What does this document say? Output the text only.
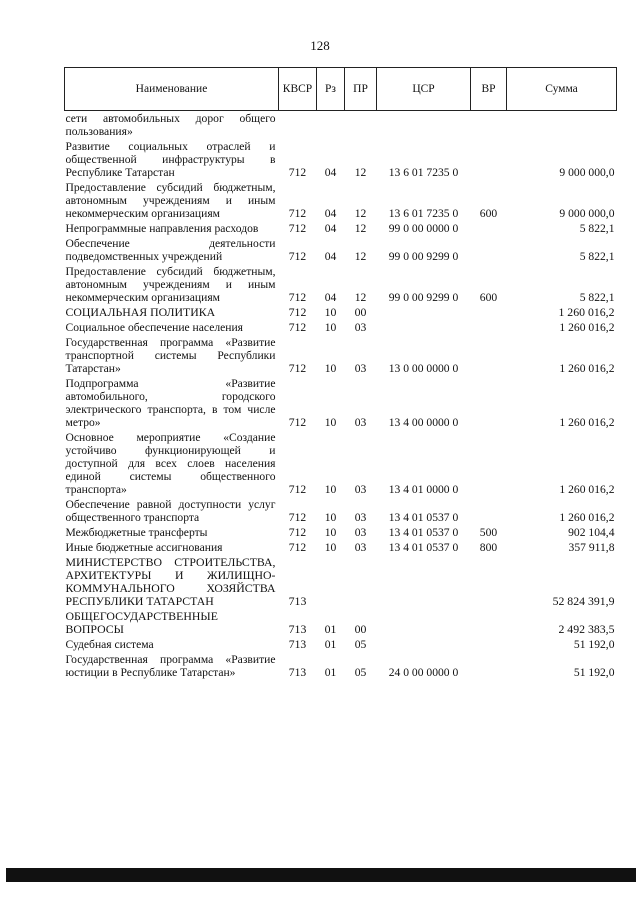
128
Наименование	КВСР	Рз	ПР	ЦСР	ВР	Сумма
сети автомобильных дорог общего пользования»						
Развитие социальных отраслей и общественной инфраструктуры в Республике Татарстан	712	04	12	13 6 01 7235 0		9 000 000,0
Предоставление субсидий бюджетным, автономным учреждениям и иным некоммерческим организациям	712	04	12	13 6 01 7235 0	600	9 000 000,0
Непрограммные направления расходов	712	04	12	99 0 00 0000 0		5 822,1
Обеспечение деятельности подведомственных учреждений	712	04	12	99 0 00 9299 0		5 822,1
Предоставление субсидий бюджетным, автономным учреждениям и иным некоммерческим организациям	712	04	12	99 0 00 9299 0	600	5 822,1
СОЦИАЛЬНАЯ ПОЛИТИКА	712	10	00			1 260 016,2
Социальное обеспечение населения	712	10	03			1 260 016,2
Государственная программа «Развитие транспортной системы Республики Татарстан»	712	10	03	13 0 00 0000 0		1 260 016,2
Подпрограмма «Развитие автомобильного, городского электрического транспорта, в том числе метро»	712	10	03	13 4 00 0000 0		1 260 016,2
Основное мероприятие «Создание устойчиво функционирующей и доступной для всех слоев населения единой системы общественного транспорта»	712	10	03	13 4 01 0000 0		1 260 016,2
Обеспечение равной доступности услуг общественного транспорта	712	10	03	13 4 01 0537 0		1 260 016,2
Межбюджетные трансферты	712	10	03	13 4 01 0537 0	500	902 104,4
Иные бюджетные ассигнования	712	10	03	13 4 01 0537 0	800	357 911,8
МИНИСТЕРСТВО СТРОИТЕЛЬСТВА, АРХИТЕКТУРЫ И ЖИЛИЩНО-КОММУНАЛЬНОГО ХОЗЯЙСТВА РЕСПУБЛИКИ ТАТАРСТАН	713					52 824 391,9
ОБЩЕГОСУДАРСТВЕННЫЕ ВОПРОСЫ	713	01	00			2 492 383,5
Судебная система	713	01	05			51 192,0
Государственная программа «Развитие юстиции в Республике Татарстан»	713	01	05	24 0 00 0000 0		51 192,0
